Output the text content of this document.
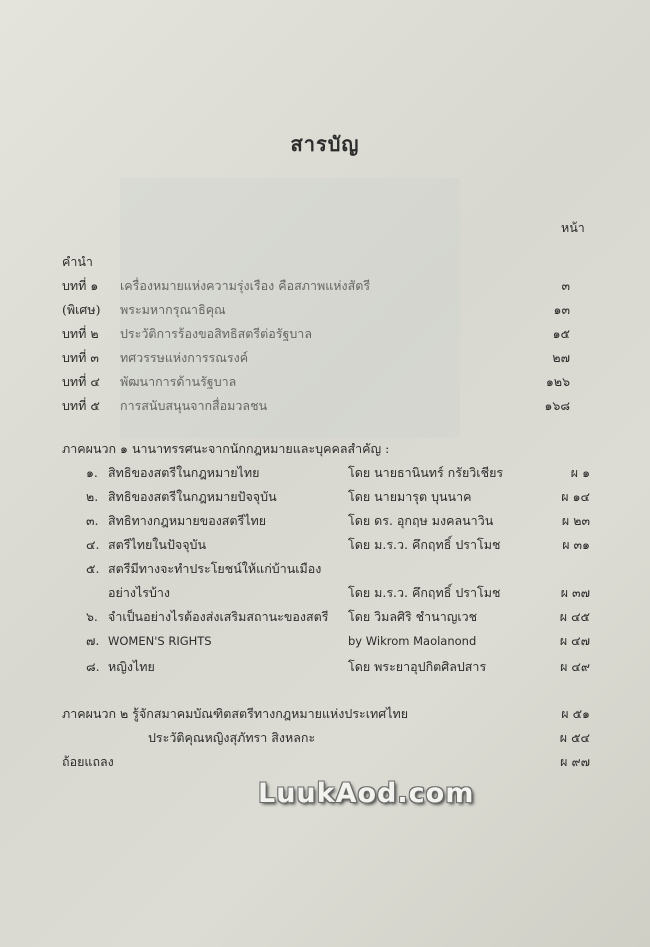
สารบัญ
หน้า
คำนำ
บทที่ ๑ เครื่องหมายแห่งความรุ่งเรือง คือสภาพแห่งสัตรี	๓
(พิเศษ) พระมหากรุณาธิคุณ	๑๓
บทที่ ๒ ประวัติการร้องขอสิทธิสตรีต่อรัฐบาล	๑๕
บทที่ ๓ ทศวรรษแห่งการรณรงค์	๒๗
บทที่ ๔ พัฒนาการด้านรัฐบาล	๑๒๖
บทที่ ๕ การสนับสนุนจากสื่อมวลชน	๑๖๘
ภาคผนวก ๑ นานาทรรศนะจากนักกฎหมายและบุคคลสำคัญ :
๑. สิทธิของสตรีในกฎหมายไทย	โดย นายธานินทร์ กรัยวิเชียร	ผ ๑
๒. สิทธิของสตรีในกฎหมายปัจจุบัน	โดย นายมารุต บุนนาค	ผ ๑๔
๓. สิทธิทางกฎหมายของสตรีไทย	โดย ดร. อุกฤษ มงคลนาวิน	ผ ๒๓
๔. สตรีไทยในปัจจุบัน	โดย ม.ร.ว. คึกฤทธิ์ ปราโมช	ผ ๓๑
๕. สตรีมีทางจะทำประโยชน์ให้แก่บ้านเมือง
อย่างไรบ้าง	โดย ม.ร.ว. คึกฤทธิ์ ปราโมช	ผ ๓๗
๖. จำเป็นอย่างไรต้องส่งเสริมสถานะของสตรี โดย วิมลศิริ ชำนาญเวช	ผ ๔๕
๗. WOMEN'S RIGHTS	by Wikrom Maolanond	ผ ๔๗
๘. หญิงไทย	โดย พระยาอุปกิตศิลปสาร	ผ ๔๙
ภาคผนวก ๒ รู้จักสมาคมบัณฑิตสตรีทางกฎหมายแห่งประเทศไทย	ผ ๕๑
ประวัติคุณหญิงสุภัทรา สิงหลกะ	ผ ๕๔
ถ้อยแถลง	ผ ๙๗
LuukAod.com
